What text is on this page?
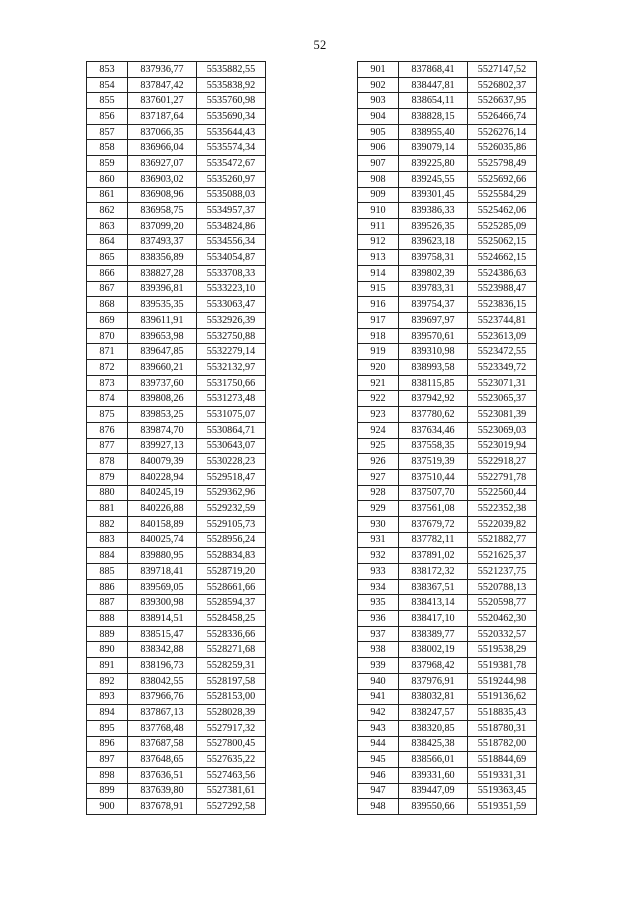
52
853	837936,77	5535882,55
854	837847,42	5535838,92
855	837601,27	5535760,98
856	837187,64	5535690,34
857	837066,35	5535644,43
858	836966,04	5535574,34
859	836927,07	5535472,67
860	836903,02	5535260,97
861	836908,96	5535088,03
862	836958,75	5534957,37
863	837099,20	5534824,86
864	837493,37	5534556,34
865	838356,89	5534054,87
866	838827,28	5533708,33
867	839396,81	5533223,10
868	839535,35	5533063,47
869	839611,91	5532926,39
870	839653,98	5532750,88
871	839647,85	5532279,14
872	839660,21	5532132,97
873	839737,60	5531750,66
874	839808,26	5531273,48
875	839853,25	5531075,07
876	839874,70	5530864,71
877	839927,13	5530643,07
878	840079,39	5530228,23
879	840228,94	5529518,47
880	840245,19	5529362,96
881	840226,88	5529232,59
882	840158,89	5529105,73
883	840025,74	5528956,24
884	839880,95	5528834,83
885	839718,41	5528719,20
886	839569,05	5528661,66
887	839300,98	5528594,37
888	838914,51	5528458,25
889	838515,47	5528336,66
890	838342,88	5528271,68
891	838196,73	5528259,31
892	838042,55	5528197,58
893	837966,76	5528153,00
894	837867,13	5528028,39
895	837768,48	5527917,32
896	837687,58	5527800,45
897	837648,65	5527635,22
898	837636,51	5527463,56
899	837639,80	5527381,61
900	837678,91	5527292,58
901	837868,41	5527147,52
902	838447,81	5526802,37
903	838654,11	5526637,95
904	838828,15	5526466,74
905	838955,40	5526276,14
906	839079,14	5526035,86
907	839225,80	5525798,49
908	839245,55	5525692,66
909	839301,45	5525584,29
910	839386,33	5525462,06
911	839526,35	5525285,09
912	839623,18	5525062,15
913	839758,31	5524662,15
914	839802,39	5524386,63
915	839783,31	5523988,47
916	839754,37	5523836,15
917	839697,97	5523744,81
918	839570,61	5523613,09
919	839310,98	5523472,55
920	838993,58	5523349,72
921	838115,85	5523071,31
922	837942,92	5523065,37
923	837780,62	5523081,39
924	837634,46	5523069,03
925	837558,35	5523019,94
926	837519,39	5522918,27
927	837510,44	5522791,78
928	837507,70	5522560,44
929	837561,08	5522352,38
930	837679,72	5522039,82
931	837782,11	5521882,77
932	837891,02	5521625,37
933	838172,32	5521237,75
934	838367,51	5520788,13
935	838413,14	5520598,77
936	838417,10	5520462,30
937	838389,77	5520332,57
938	838002,19	5519538,29
939	837968,42	5519381,78
940	837976,91	5519244,98
941	838032,81	5519136,62
942	838247,57	5518835,43
943	838320,85	5518780,31
944	838425,38	5518782,00
945	838566,01	5518844,69
946	839331,60	5519331,31
947	839447,09	5519363,45
948	839550,66	5519351,59
